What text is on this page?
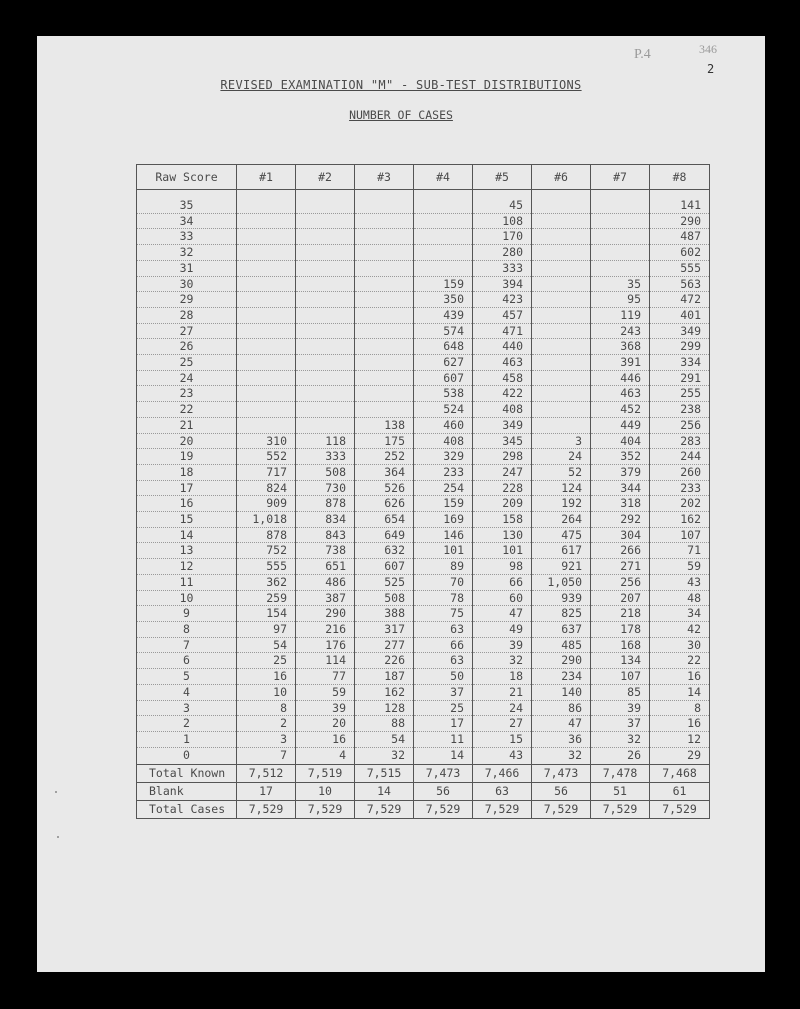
P.4	346
2
REVISED EXAMINATION "M" - SUB-TEST DISTRIBUTIONS
NUMBER OF CASES
Raw Score	#1	#2	#3	#4	#5	#6	#7	#8
35					45			141
34					108			290
33					170			487
32					280			602
31					333			555
30				159	394		35	563
29				350	423		95	472
28				439	457		119	401
27				574	471		243	349
26				648	440		368	299
25				627	463		391	334
24				607	458		446	291
23				538	422		463	255
22				524	408		452	238
21			138	460	349		449	256
20	310	118	175	408	345	3	404	283
19	552	333	252	329	298	24	352	244
18	717	508	364	233	247	52	379	260
17	824	730	526	254	228	124	344	233
16	909	878	626	159	209	192	318	202
15	1,018	834	654	169	158	264	292	162
14	878	843	649	146	130	475	304	107
13	752	738	632	101	101	617	266	71
12	555	651	607	89	98	921	271	59
11	362	486	525	70	66	1,050	256	43
10	259	387	508	78	60	939	207	48
9	154	290	388	75	47	825	218	34
8	97	216	317	63	49	637	178	42
7	54	176	277	66	39	485	168	30
6	25	114	226	63	32	290	134	22
5	16	77	187	50	18	234	107	16
4	10	59	162	37	21	140	85	14
3	8	39	128	25	24	86	39	8
2	2	20	88	17	27	47	37	16
1	3	16	54	11	15	36	32	12
0	7	4	32	14	43	32	26	29
Total Known	7,512	7,519	7,515	7,473	7,466	7,473	7,478	7,468
Blank	17	10	14	56	63	56	51	61
Total Cases	7,529	7,529	7,529	7,529	7,529	7,529	7,529	7,529
